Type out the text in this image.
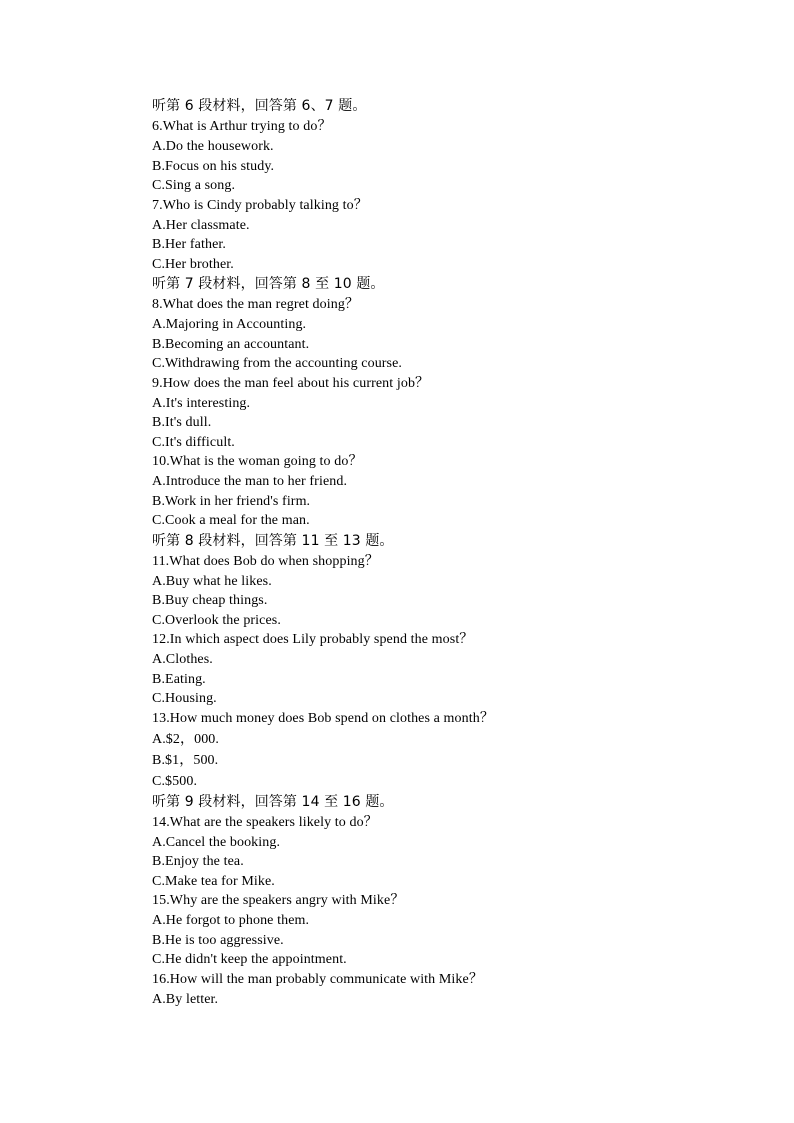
听第 6 段材料，回答第 6、7 题。
6.What is Arthur trying to do？
A.Do the housework.
B.Focus on his study.
C.Sing a song.
7.Who is Cindy probably talking to？
A.Her classmate.
B.Her father.
C.Her brother.
听第 7 段材料，回答第 8 至 10 题。
8.What does the man regret doing？
A.Majoring in Accounting.
B.Becoming an accountant.
C.Withdrawing from the accounting course.
9.How does the man feel about his current job？
A.It's interesting.
B.It's dull.
C.It's difficult.
10.What is the woman going to do？
A.Introduce the man to her friend.
B.Work in her friend's firm.
C.Cook a meal for the man.
听第 8 段材料，回答第 11 至 13 题。
11.What does Bob do when shopping？
A.Buy what he likes.
B.Buy cheap things.
C.Overlook the prices.
12.In which aspect does Lily probably spend the most？
A.Clothes.
B.Eating.
C.Housing.
13.How much money does Bob spend on clothes a month？
A.$2，000.
B.$1，500.
C.$500.
听第 9 段材料，回答第 14 至 16 题。
14.What are the speakers likely to do？
A.Cancel the booking.
B.Enjoy the tea.
C.Make tea for Mike.
15.Why are the speakers angry with Mike？
A.He forgot to phone them.
B.He is too aggressive.
C.He didn't keep the appointment.
16.How will the man probably communicate with Mike？
A.By letter.
